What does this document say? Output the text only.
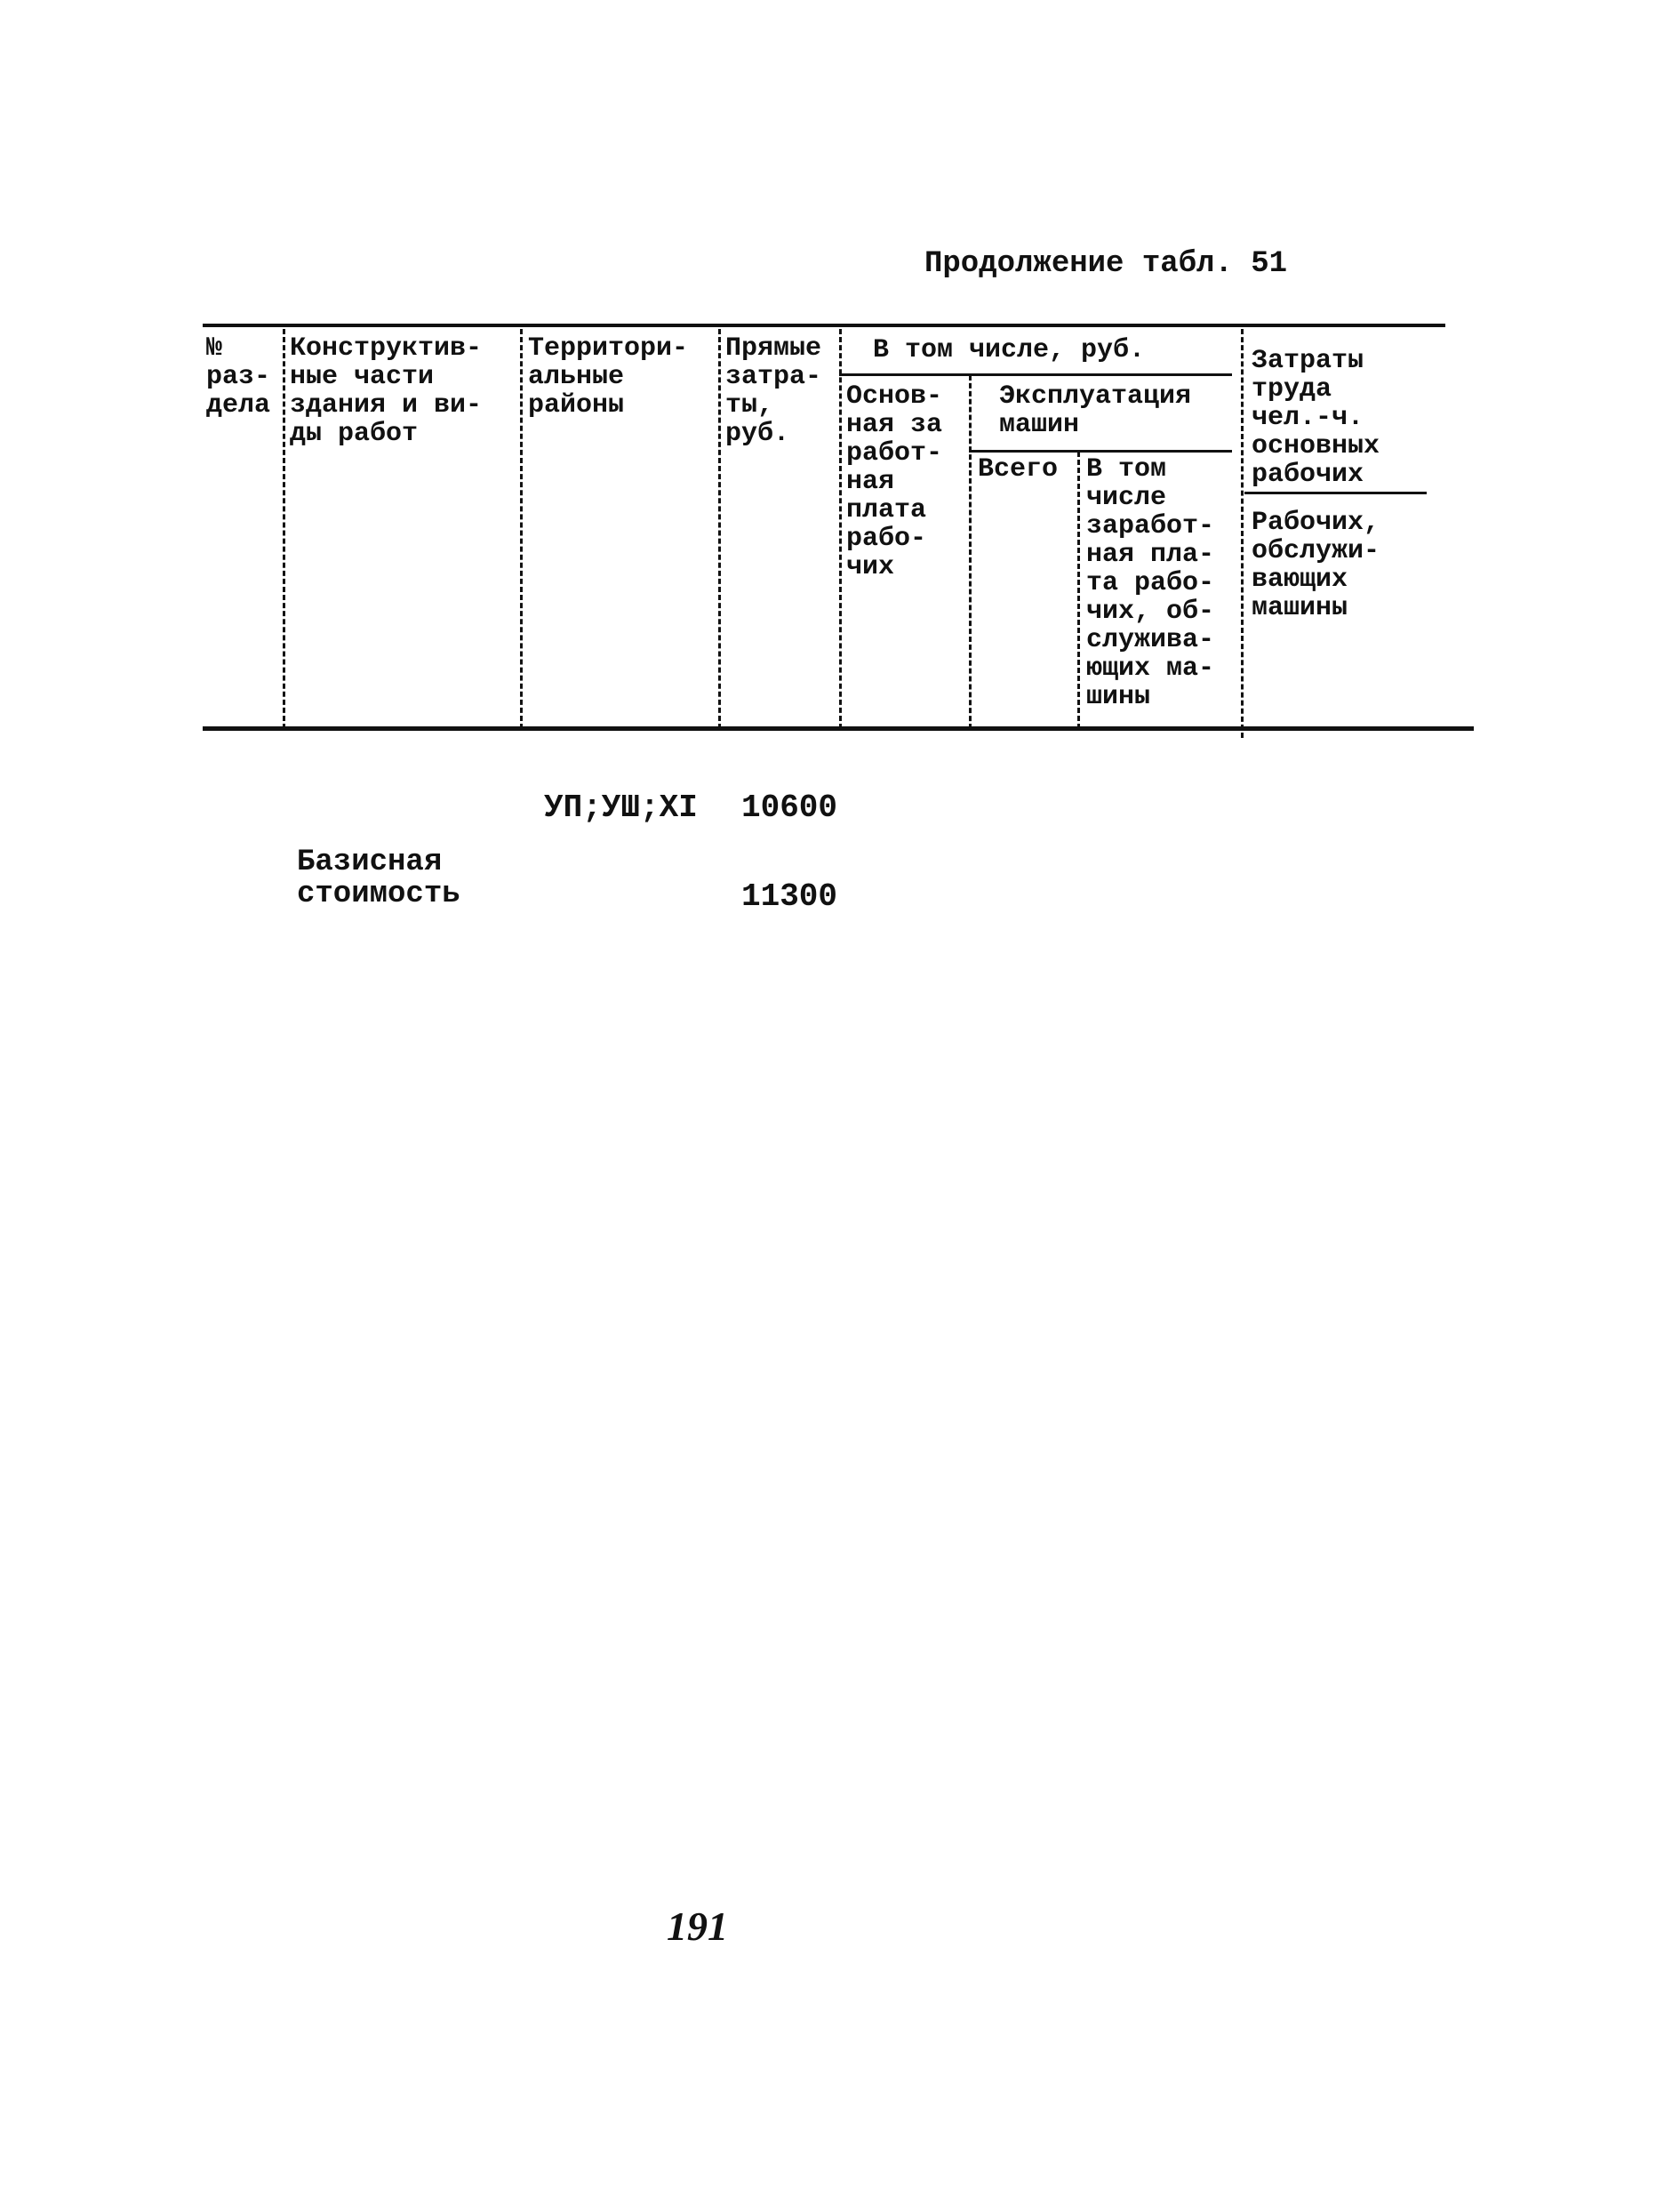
Продолжение табл. 51
№
раз-
дела
Конструктив-
ные части
здания и ви-
ды работ
Территори-
альные
районы
Прямые
затра-
ты,
руб.
В том числе, руб.
Основ-
ная за
работ-
ная
плата
рабо-
чих
Эксплуатация
машин
Всего В том
числе
заработ-
ная пла-
та рабо-
чих, об-
служива-
ющих ма-
шины
Затраты
труда
чел.-ч.
основных
рабочих
Рабочих,
обслужи-
вающих
машины
УП;УШ;XI 10600
Базисная
стоимость	11300
191
